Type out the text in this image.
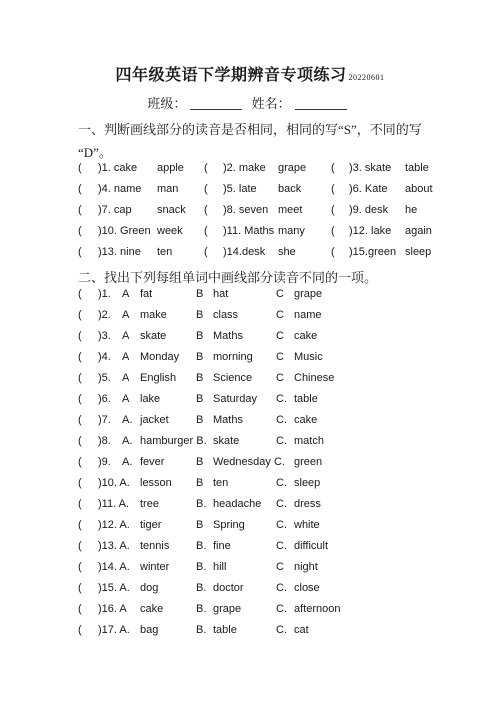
四年级英语下学期辨音专项练习 20220601
班级：	姓名：
一、判断画线部分的读音是否相同，相同的写“S”，不同的写
“D”。
( )1. cake apple ( )2. make grape ( )3. skate table
( )4. name man ( )5. late back	( )6. Kate about
( )7. cap snack ( )8. seven meet	( )9. desk he
( )10. Green week ( )11. Maths many ( )12. lake again
( )13. nine ten	( )14.desk she	( )15.green sleep
二、找出下列每组单词中画线部分读音不同的一项。
( )1. A fat	B hat	C grape
( )2. A make	B class	C name
( )3. A skate	B Maths	C cake
( )4. A Monday B morning C Music
( )5. A English B Science C Chinese
( )6. A lake	B Saturday C. table
( )7. A. jacket B Maths	C. cake
( )8. A. hamburger B. skate	C. match
( )9. A. fever	B Wednesday C. green
( )10. A. lesson B ten	C. sleep
( )11. A. tree	B. headache C. dress
( )12. A. tiger	B Spring	C. white
( )13. A. tennis B. fine	C. difficult
( )14. A. winter B. hill	C night
( )15. A. dog	B. doctor	C. close
( )16. A cake	B. grape	C. afternoon
( )17. A. bag	B. table	C. cat
